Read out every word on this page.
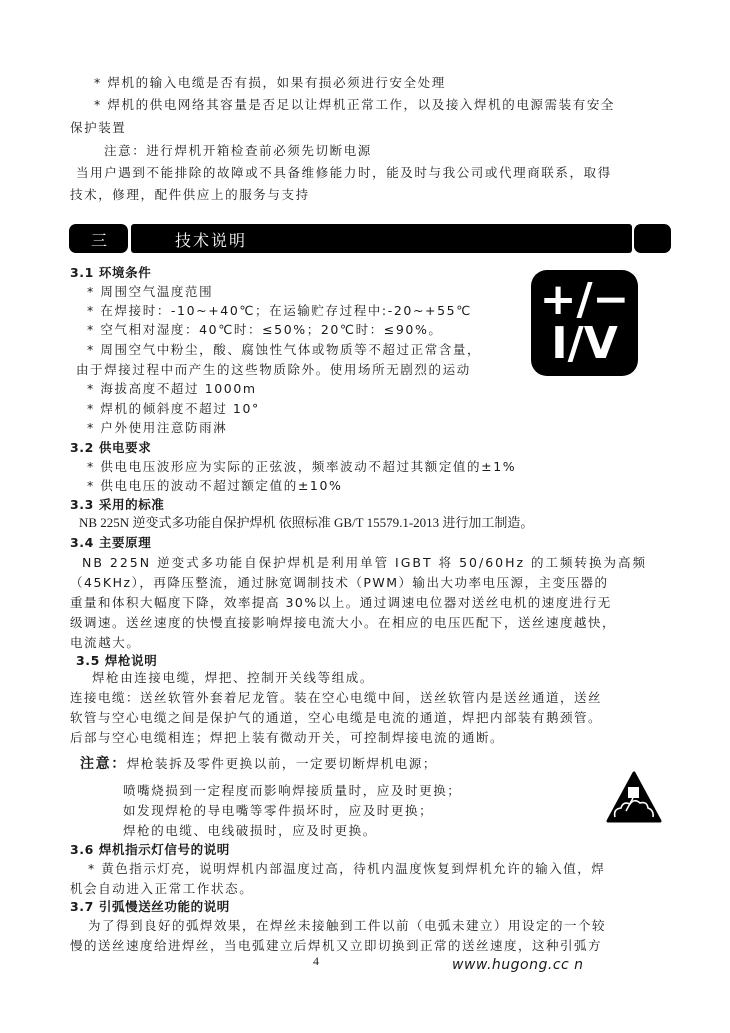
* 焊机的输入电缆是否有损，如果有损必须进行安全处理
* 焊机的供电网络其容量是否足以让焊机正常工作，以及接入焊机的电源需装有安全
保护装置
注意：进行焊机开箱检查前必须先切断电源
当用户遇到不能排除的故障或不具备维修能力时，能及时与我公司或代理商联系，取得
技术，修理，配件供应上的服务与支持
三	技术说明
3.1 环境条件
* 周围空气温度范围
* 在焊接时：-10~+40℃；在运输贮存过程中:-20~+55℃
* 空气相对湿度：40℃时：≤50%；20℃时：≤90%。
* 周围空气中粉尘，酸、腐蚀性气体或物质等不超过正常含量，
由于焊接过程中而产生的这些物质除外。使用场所无剧烈的运动
* 海拔高度不超过 1000m
* 焊机的倾斜度不超过 10°
* 户外使用注意防雨淋
+/−
I/V
3.2 供电要求
* 供电电压波形应为实际的正弦波，频率波动不超过其额定值的±1%
* 供电电压的波动不超过额定值的±10%
3.3 采用的标准
NB 225N 逆变式多功能自保护焊机 依照标准 GB/T 15579.1-2013 进行加工制造。
3.4 主要原理
NB 225N 逆变式多功能自保护焊机是利用单管 IGBT 将 50/60Hz 的工频转换为高频
（45KHz），再降压整流，通过脉宽调制技术（PWM）输出大功率电压源，主变压器的
重量和体积大幅度下降，效率提高 30%以上。通过调速电位器对送丝电机的速度进行无
级调速。送丝速度的快慢直接影响焊接电流大小。在相应的电压匹配下，送丝速度越快，
电流越大。
3.5 焊枪说明
焊枪由连接电缆，焊把、控制开关线等组成。
连接电缆：送丝软管外套着尼龙管。装在空心电缆中间，送丝软管内是送丝通道，送丝
软管与空心电缆之间是保护气的通道，空心电缆是电流的通道，焊把内部装有鹅颈管。
后部与空心电缆相连；焊把上装有微动开关，可控制焊接电流的通断。
注意：焊枪装拆及零件更换以前，一定要切断焊机电源；
喷嘴烧损到一定程度而影响焊接质量时，应及时更换；
如发现焊枪的导电嘴等零件损坏时，应及时更换；
焊枪的电缆、电线破损时，应及时更换。
3.6 焊机指示灯信号的说明
* 黄色指示灯亮，说明焊机内部温度过高，待机内温度恢复到焊机允许的输入值，焊
机会自动进入正常工作状态。
3.7 引弧慢送丝功能的说明
为了得到良好的弧焊效果，在焊丝未接触到工件以前（电弧未建立）用设定的一个较
慢的送丝速度给进焊丝，当电弧建立后焊机又立即切换到正常的送丝速度，这种引弧方
4	www.hugong.cc n
